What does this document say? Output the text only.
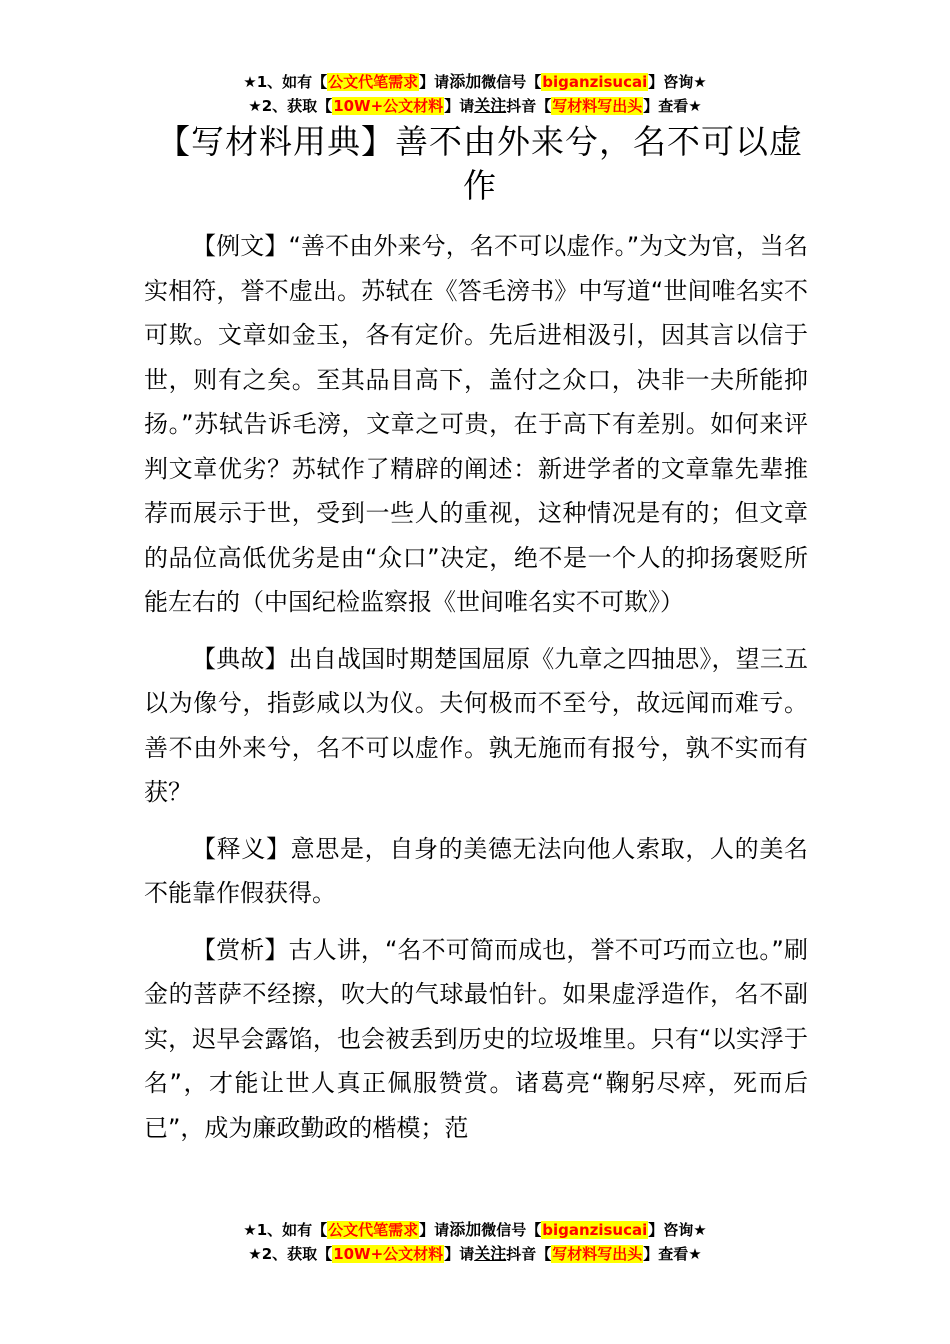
★1、如有【公文代笔需求】请添加微信号【biganzisucai】咨询★
★2、获取【10W+公文材料】请关注抖音【写材料写出头】查看★
【写材料用典】善不由外来兮，名不可以虚作

【例文】“善不由外来兮，名不可以虚作。”为文为官，当名实相符，誉不虚出。苏轼在《答毛滂书》中写道“世间唯名实不可欺。文章如金玉，各有定价。先后进相汲引，因其言以信于世，则有之矣。至其品目高下，盖付之众口，决非一夫所能抑扬。”苏轼告诉毛滂，文章之可贵，在于高下有差别。如何来评判文章优劣？苏轼作了精辟的阐述：新进学者的文章靠先辈推荐而展示于世，受到一些人的重视，这种情况是有的；但文章的品位高低优劣是由“众口”决定，绝不是一个人的抑扬褒贬所能左右的（中国纪检监察报《世间唯名实不可欺》）

【典故】出自战国时期楚国屈原《九章之四抽思》，望三五以为像兮，指彭咸以为仪。夫何极而不至兮，故远闻而难亏。善不由外来兮，名不可以虚作。孰无施而有报兮，孰不实而有获？

【释义】意思是，自身的美德无法向他人索取，人的美名不能靠作假获得。

【赏析】古人讲，“名不可简而成也，誉不可巧而立也。”刷金的菩萨不经擦，吹大的气球最怕针。如果虚浮造作，名不副实，迟早会露馅，也会被丢到历史的垃圾堆里。只有“以实浮于名”，才能让世人真正佩服赞赏。诸葛亮“鞠躬尽瘁，死而后已”，成为廉政勤政的楷模；范

★1、如有【公文代笔需求】请添加微信号【biganzisucai】咨询★
★2、获取【10W+公文材料】请关注抖音【写材料写出头】查看★
